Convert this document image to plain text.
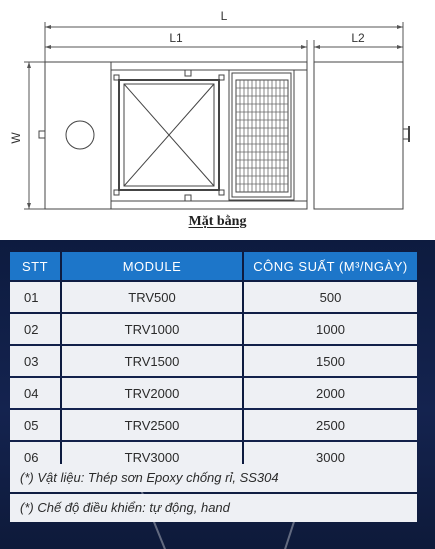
L
L1	L2
W
Mặt bằng
STT	MODULE	CÔNG SUẤT (M³/NGÀY)
01	TRV500	500
02	TRV1000	1000
03	TRV1500	1500
04	TRV2000	2000
05	TRV2500	2500
06	TRV3000	3000
(*) Vật liệu: Thép sơn Epoxy chống rỉ, SS304
(*) Chế độ điều khiển: tự động, hand
